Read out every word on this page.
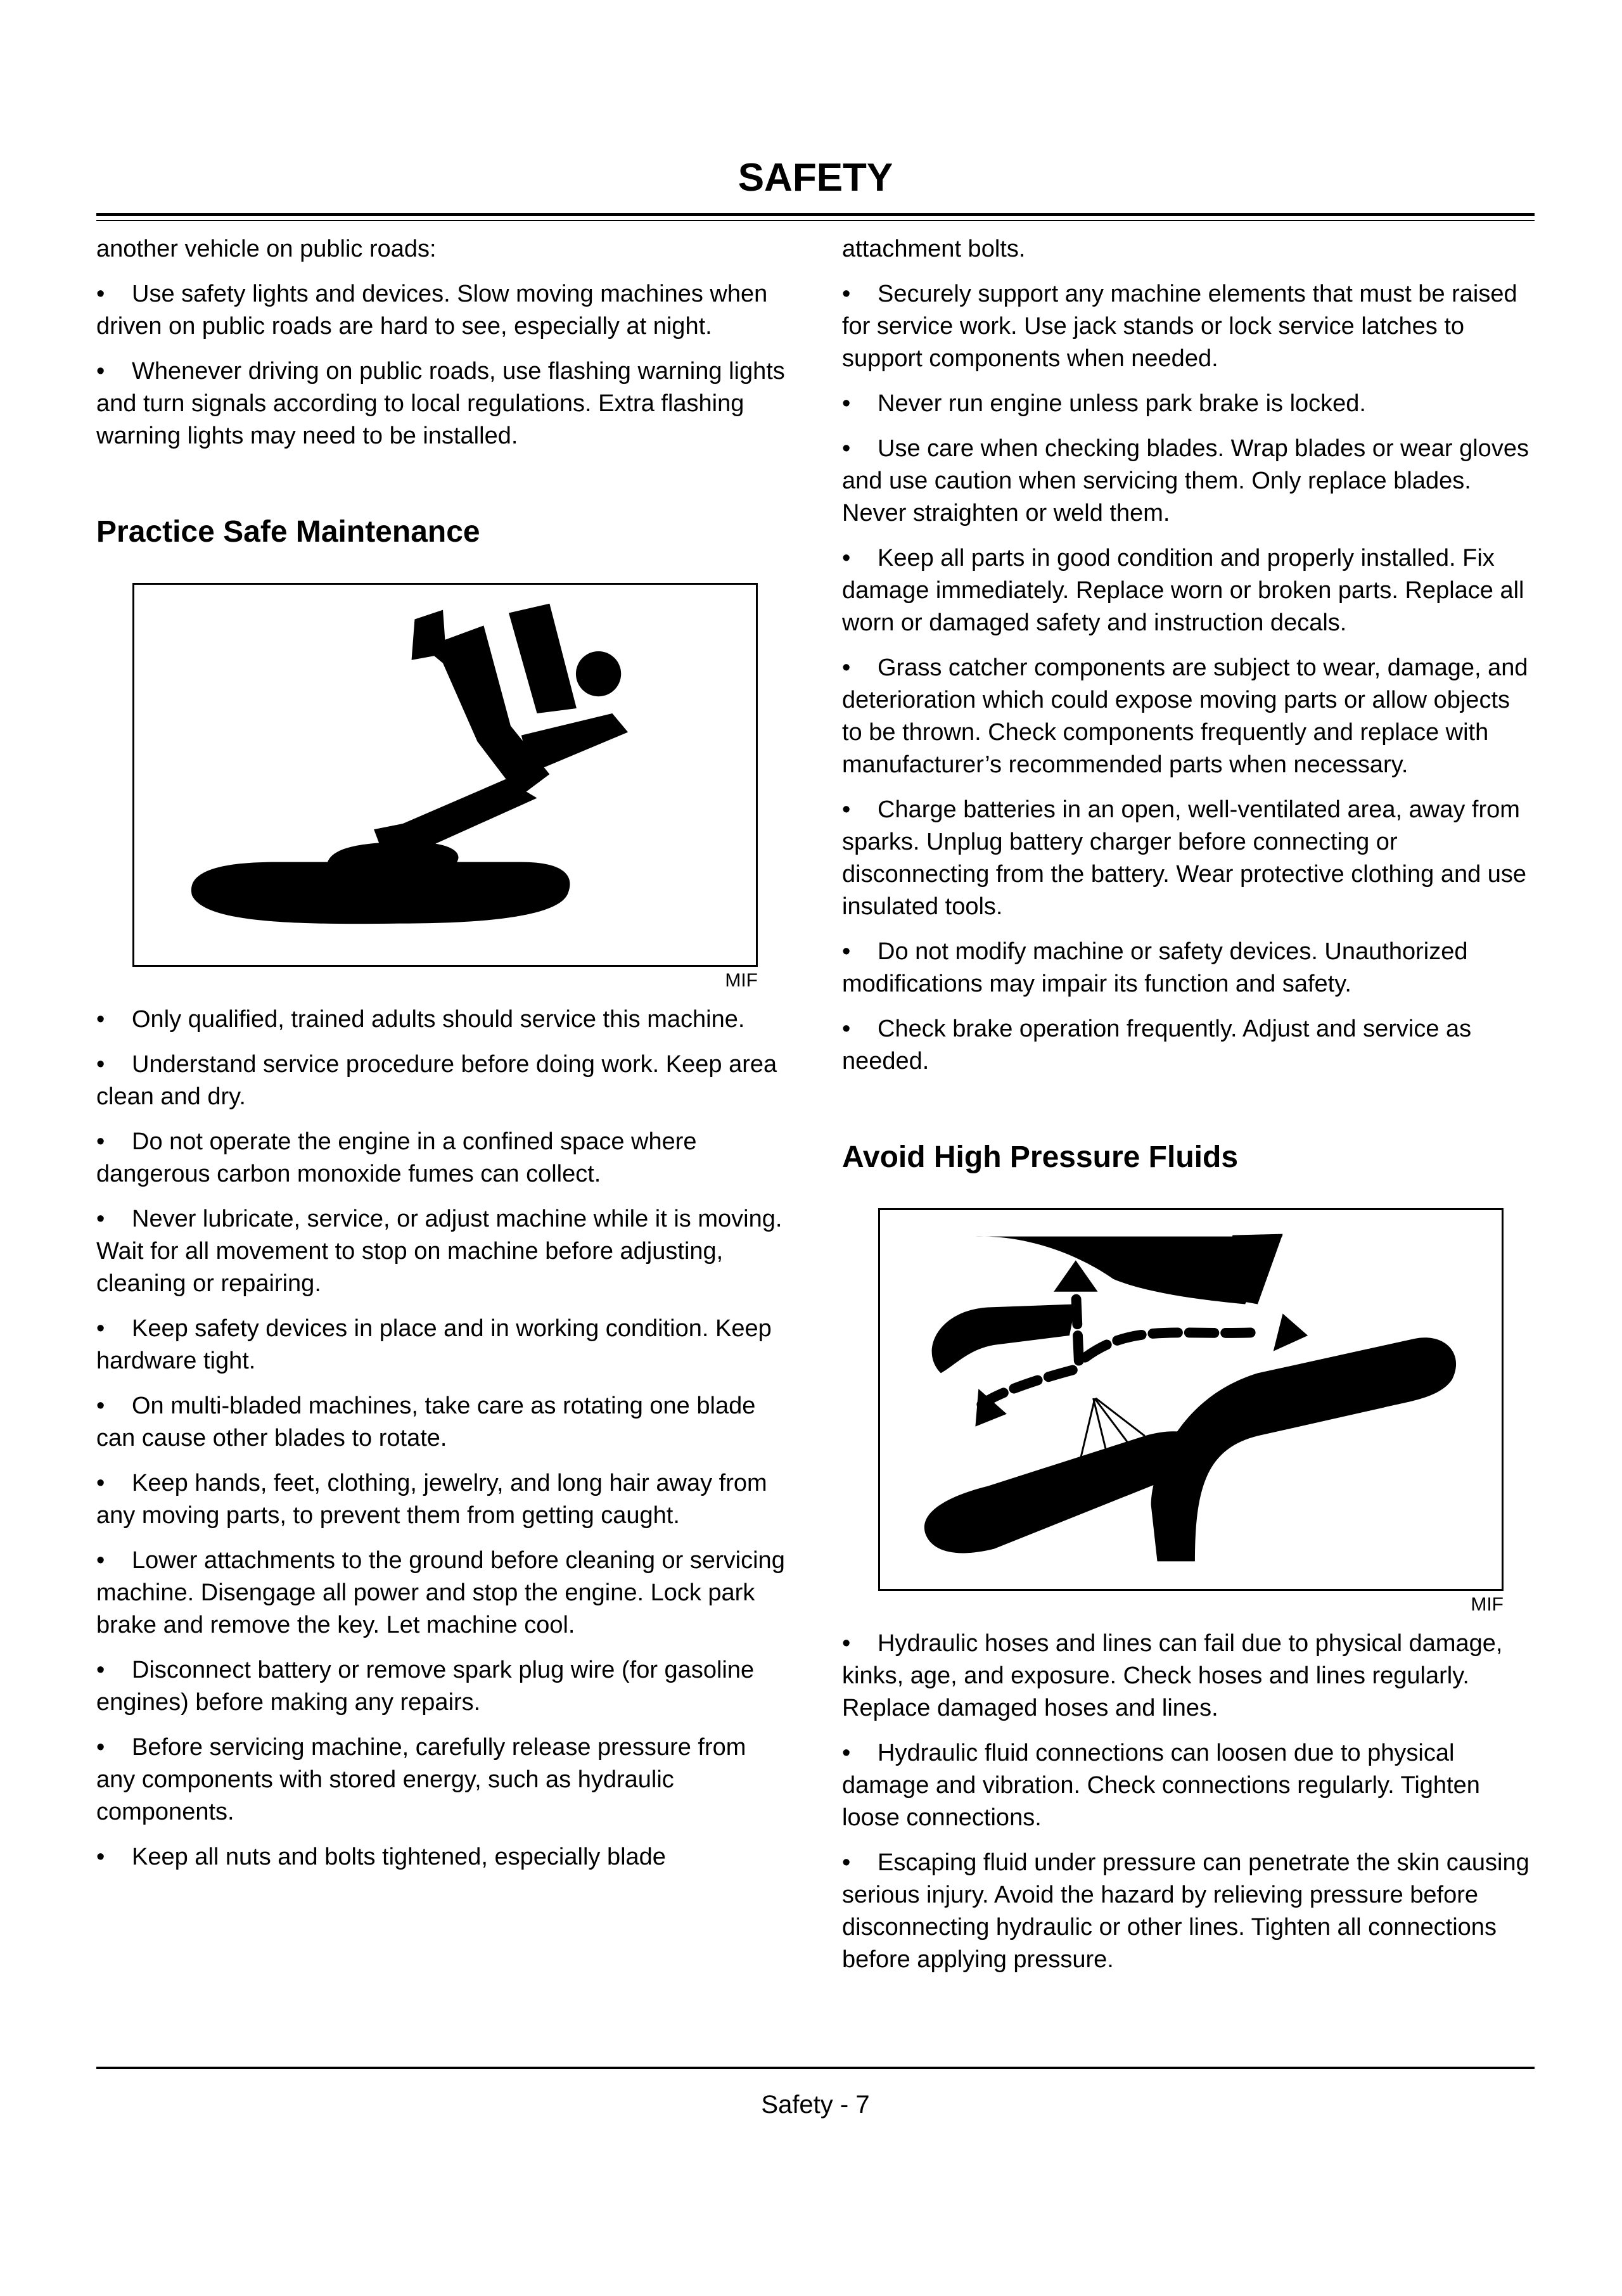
SAFETY

another vehicle on public roads:

• Use safety lights and devices. Slow moving machines when driven on public roads are hard to see, especially at night.

• Whenever driving on public roads, use flashing warning lights and turn signals according to local regulations. Extra flashing warning lights may need to be installed.

Practice Safe Maintenance
MIF

• Only qualified, trained adults should service this machine.

• Understand service procedure before doing work. Keep area clean and dry.

• Do not operate the engine in a confined space where dangerous carbon monoxide fumes can collect.

• Never lubricate, service, or adjust machine while it is moving. Wait for all movement to stop on machine before adjusting, cleaning or repairing.

• Keep safety devices in place and in working condition. Keep hardware tight.

• On multi-bladed machines, take care as rotating one blade can cause other blades to rotate.

• Keep hands, feet, clothing, jewelry, and long hair away from any moving parts, to prevent them from getting caught.

• Lower attachments to the ground before cleaning or servicing machine. Disengage all power and stop the engine. Lock park brake and remove the key. Let machine cool.

• Disconnect battery or remove spark plug wire (for gasoline engines) before making any repairs.

• Before servicing machine, carefully release pressure from any components with stored energy, such as hydraulic components.

• Keep all nuts and bolts tightened, especially blade

attachment bolts.

• Securely support any machine elements that must be raised for service work. Use jack stands or lock service latches to support components when needed.

• Never run engine unless park brake is locked.

• Use care when checking blades. Wrap blades or wear gloves and use caution when servicing them. Only replace blades. Never straighten or weld them.

• Keep all parts in good condition and properly installed. Fix damage immediately. Replace worn or broken parts. Replace all worn or damaged safety and instruction decals.

• Grass catcher components are subject to wear, damage, and deterioration which could expose moving parts or allow objects to be thrown. Check components frequently and replace with manufacturer’s recommended parts when necessary.

• Charge batteries in an open, well-ventilated area, away from sparks. Unplug battery charger before connecting or disconnecting from the battery. Wear protective clothing and use insulated tools.

• Do not modify machine or safety devices. Unauthorized modifications may impair its function and safety.

• Check brake operation frequently. Adjust and service as needed.

Avoid High Pressure Fluids
MIF

• Hydraulic hoses and lines can fail due to physical damage, kinks, age, and exposure. Check hoses and lines regularly. Replace damaged hoses and lines.

• Hydraulic fluid connections can loosen due to physical damage and vibration. Check connections regularly. Tighten loose connections.

• Escaping fluid under pressure can penetrate the skin causing serious injury. Avoid the hazard by relieving pressure before disconnecting hydraulic or other lines. Tighten all connections before applying pressure.

Safety - 7
